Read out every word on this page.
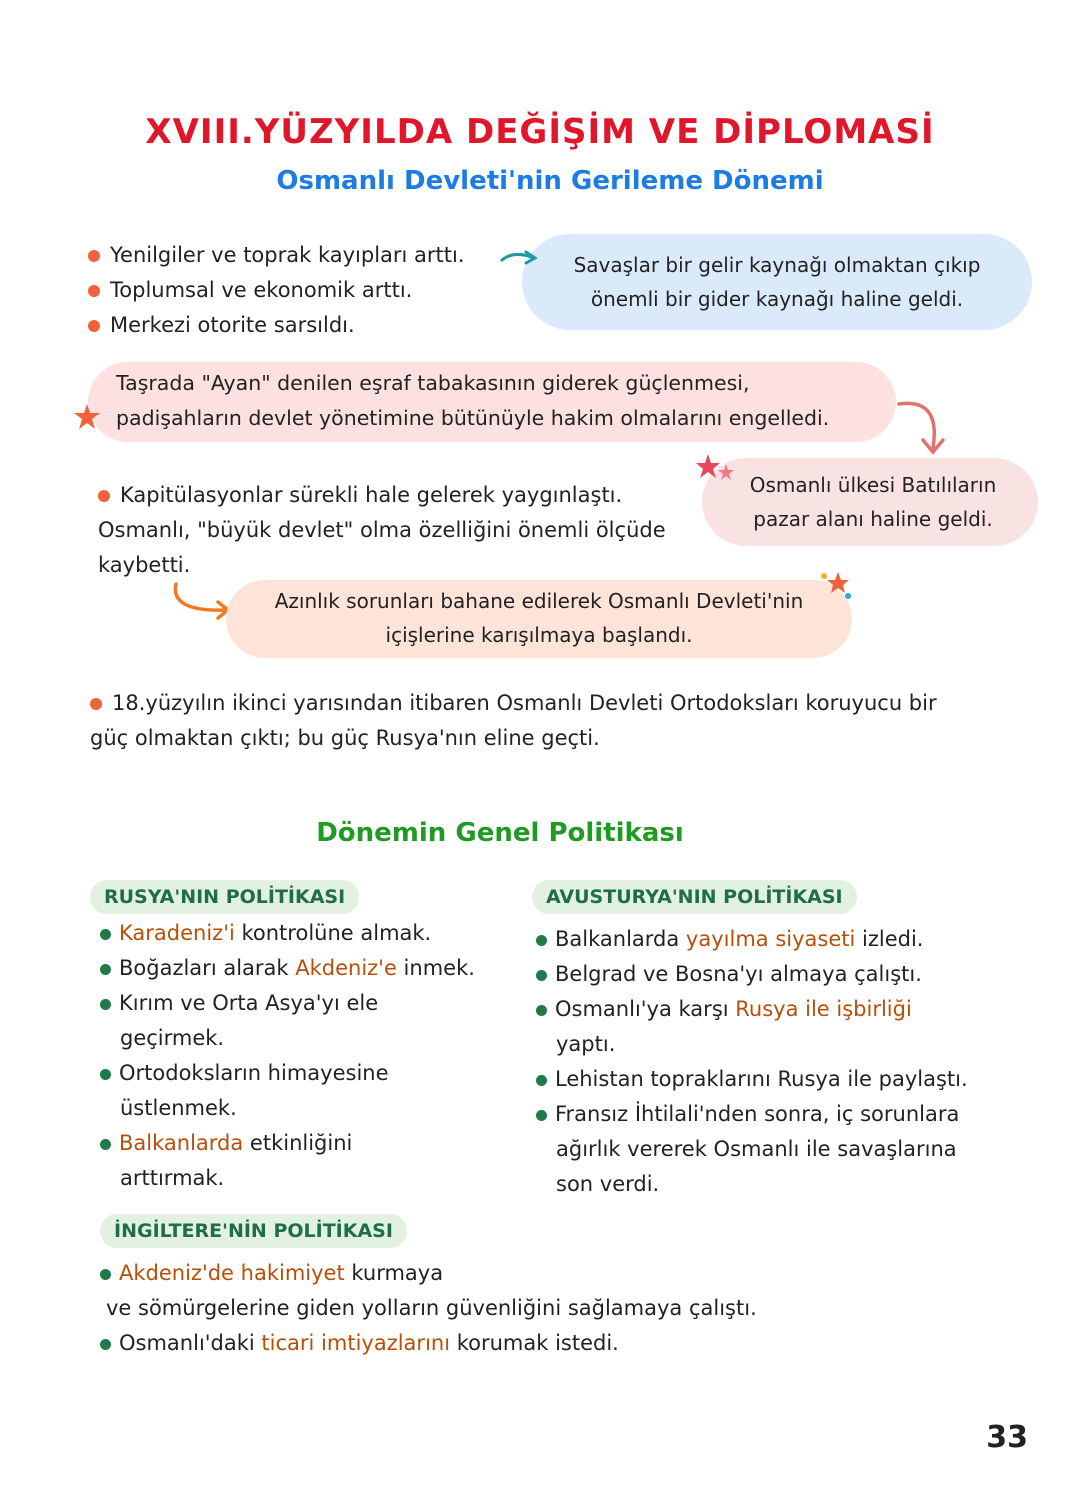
XVIII.YÜZYILDA DEĞİŞİM VE DİPLOMASİ
Osmanlı Devleti'nin Gerileme Dönemi
Yenilgiler ve toprak kayıpları arttı.
Toplumsal ve ekonomik arttı.
Merkezi otorite sarsıldı.
Savaşlar bir gelir kaynağı olmaktan çıkıp
önemli bir gider kaynağı haline geldi.
Taşrada "Ayan" denilen eşraf tabakasının giderek güçlenmesi,
padişahların devlet yönetimine bütünüyle hakim olmalarını engelledi.
Kapitülasyonlar sürekli hale gelerek yaygınlaştı.
Osmanlı, "büyük devlet" olma özelliğini önemli ölçüde
kaybetti.
Osmanlı ülkesi Batılıların
pazar alanı haline geldi.
Azınlık sorunları bahane edilerek Osmanlı Devleti'nin
içişlerine karışılmaya başlandı.
18.yüzyılın ikinci yarısından itibaren Osmanlı Devleti Ortodoksları koruyucu bir
güç olmaktan çıktı; bu güç Rusya'nın eline geçti.
Dönemin Genel Politikası
RUSYA'NIN POLİTİKASI
Karadeniz'i kontrolüne almak.
Boğazları alarak Akdeniz'e inmek.
Kırım ve Orta Asya'yı ele
geçirmek.
Ortodoksların himayesine
üstlenmek.
Balkanlarda etkinliğini
arttırmak.
AVUSTURYA'NIN POLİTİKASI
Balkanlarda yayılma siyaseti izledi.
Belgrad ve Bosna'yı almaya çalıştı.
Osmanlı'ya karşı Rusya ile işbirliği
yaptı.
Lehistan topraklarını Rusya ile paylaştı.
Fransız İhtilali'nden sonra, iç sorunlara
ağırlık vererek Osmanlı ile savaşlarına
son verdi.
İNGİLTERE'NİN POLİTİKASI
Akdeniz'de hakimiyet kurmaya
ve sömürgelerine giden yolların güvenliğini sağlamaya çalıştı.
Osmanlı'daki ticari imtiyazlarını korumak istedi.
33
